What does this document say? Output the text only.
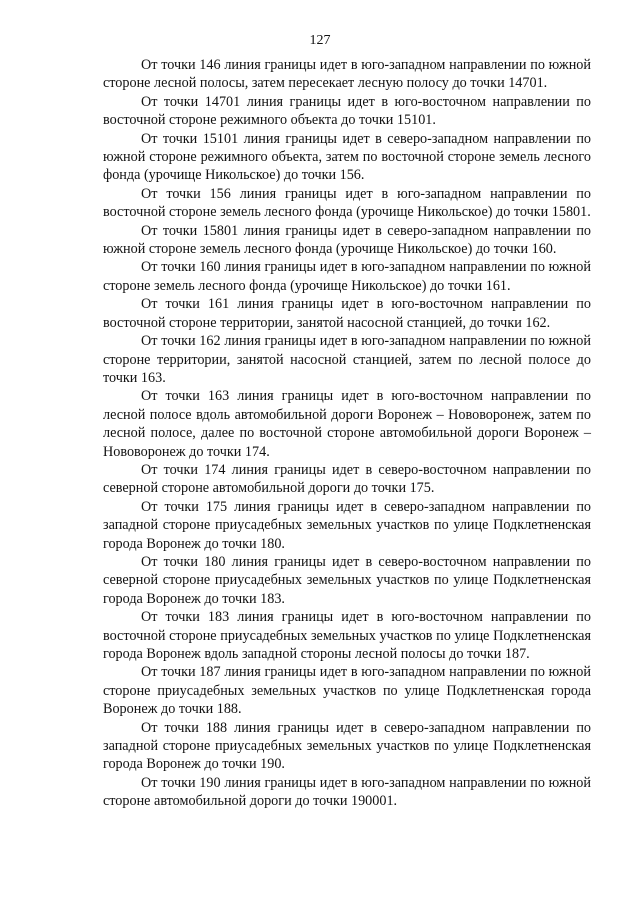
127

От точки 146 линия границы идет в юго-западном направлении по южной стороне лесной полосы, затем пересекает лесную полосу до точки 14701.

От точки 14701 линия границы идет в юго-восточном направлении по восточной стороне режимного объекта до точки 15101.

От точки 15101 линия границы идет в северо-западном направлении по южной стороне режимного объекта, затем по восточной стороне земель лесного фонда (урочище Никольское) до точки 156.

От точки 156 линия границы идет в юго-западном направлении по восточной стороне земель лесного фонда (урочище Никольское) до точки 15801.

От точки 15801 линия границы идет в северо-западном направлении по южной стороне земель лесного фонда (урочище Никольское) до точки 160.

От точки 160 линия границы идет в юго-западном направлении по южной стороне земель лесного фонда (урочище Никольское) до точки 161.

От точки 161 линия границы идет в юго-восточном направлении по восточной стороне территории, занятой насосной станцией, до точки 162.

От точки 162 линия границы идет в юго-западном направлении по южной стороне территории, занятой насосной станцией, затем по лесной полосе до точки 163.

От точки 163 линия границы идет в юго-восточном направлении по лесной полосе вдоль автомобильной дороги Воронеж – Нововоронеж, затем по лесной полосе, далее по восточной стороне автомобильной дороги Воронеж – Нововоронеж до точки 174.

От точки 174 линия границы идет в северо-восточном направлении по северной стороне автомобильной дороги до точки 175.

От точки 175 линия границы идет в северо-западном направлении по западной стороне приусадебных земельных участков по улице Подклетненская города Воронеж до точки 180.

От точки 180 линия границы идет в северо-восточном направлении по северной стороне приусадебных земельных участков по улице Подклетненская города Воронеж до точки 183.

От точки 183 линия границы идет в юго-восточном направлении по восточной стороне приусадебных земельных участков по улице Подклетненская города Воронеж вдоль западной стороны лесной полосы до точки 187.

От точки 187 линия границы идет в юго-западном направлении по южной стороне приусадебных земельных участков по улице Подклетненская города Воронеж до точки 188.

От точки 188 линия границы идет в северо-западном направлении по западной стороне приусадебных земельных участков по улице Подклетненская города Воронеж до точки 190.

От точки 190 линия границы идет в юго-западном направлении по южной стороне автомобильной дороги до точки 190001.
